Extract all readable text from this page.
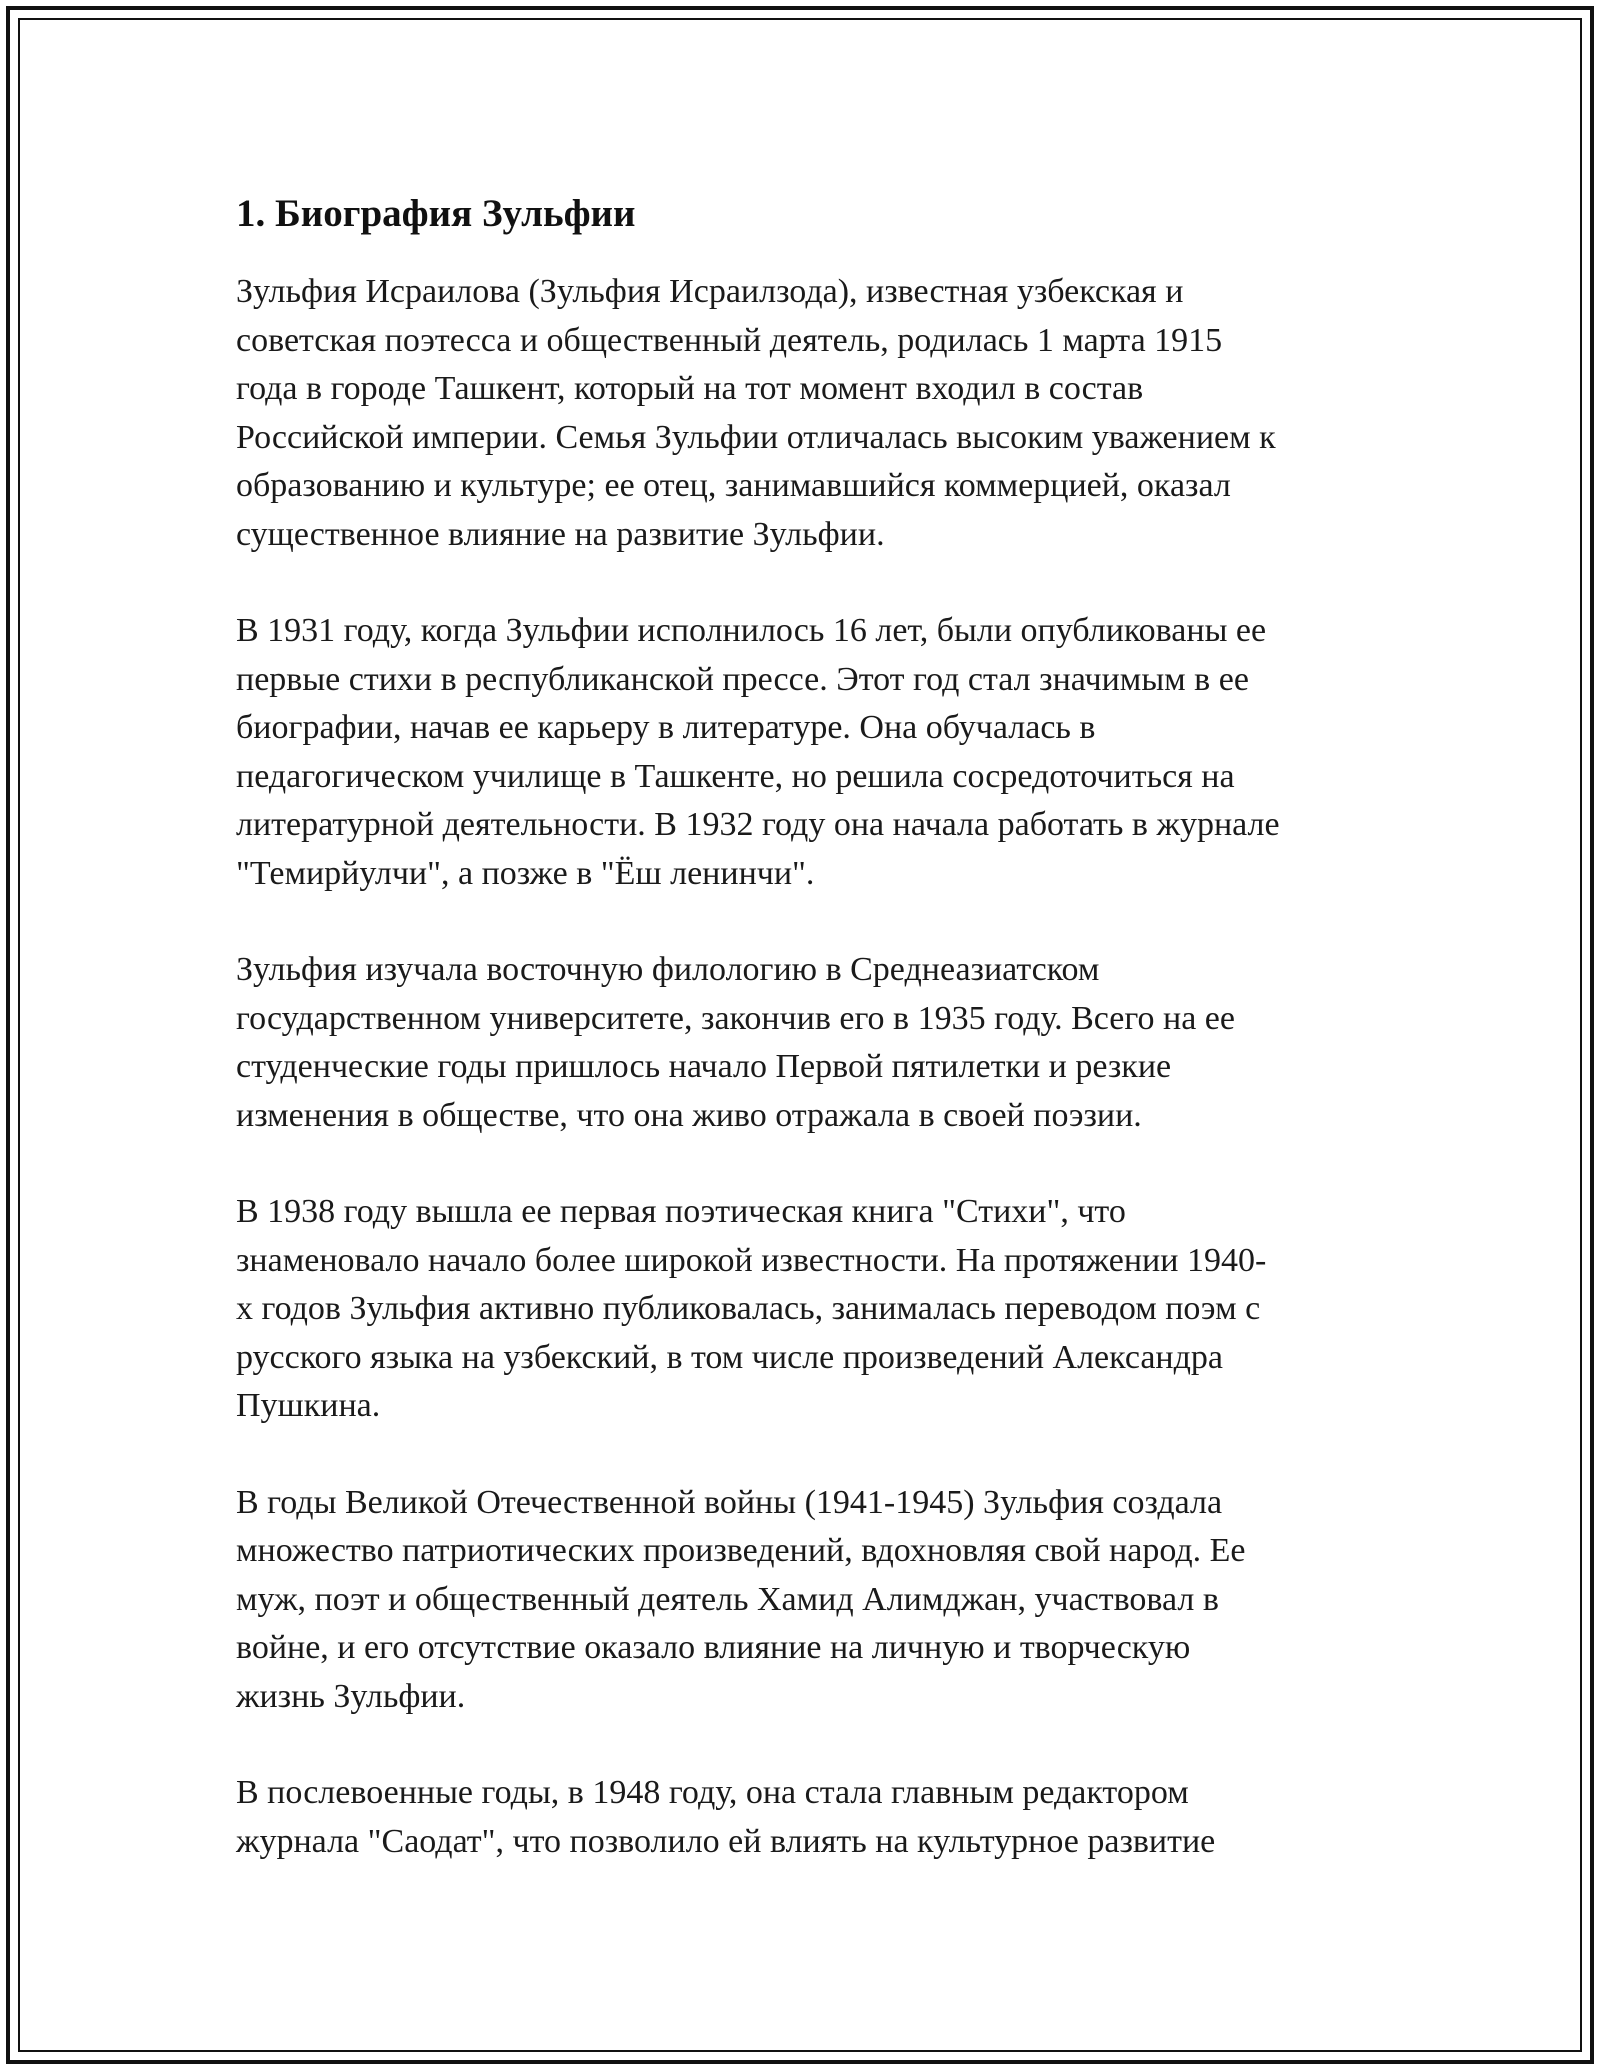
1. Биография Зульфии

Зульфия Исраилова (Зульфия Исраилзода), известная узбекская и
советская поэтесса и общественный деятель, родилась 1 марта 1915
года в городе Ташкент, который на тот момент входил в состав
Российской империи. Семья Зульфии отличалась высоким уважением к
образованию и культуре; ее отец, занимавшийся коммерцией, оказал
существенное влияние на развитие Зульфии.

В 1931 году, когда Зульфии исполнилось 16 лет, были опубликованы ее
первые стихи в республиканской прессе. Этот год стал значимым в ее
биографии, начав ее карьеру в литературе. Она обучалась в
педагогическом училище в Ташкенте, но решила сосредоточиться на
литературной деятельности. В 1932 году она начала работать в журнале
"Темирйулчи", а позже в "Ёш ленинчи".

Зульфия изучала восточную филологию в Среднеазиатском
государственном университете, закончив его в 1935 году. Всего на ее
студенческие годы пришлось начало Первой пятилетки и резкие
изменения в обществе, что она живо отражала в своей поэзии.

В 1938 году вышла ее первая поэтическая книга "Стихи", что
знаменовало начало более широкой известности. На протяжении 1940-
х годов Зульфия активно публиковалась, занималась переводом поэм с
русского языка на узбекский, в том числе произведений Александра
Пушкина.

В годы Великой Отечественной войны (1941-1945) Зульфия создала
множество патриотических произведений, вдохновляя свой народ. Ее
муж, поэт и общественный деятель Хамид Алимджан, участвовал в
войне, и его отсутствие оказало влияние на личную и творческую
жизнь Зульфии.

В послевоенные годы, в 1948 году, она стала главным редактором
журнала "Саодат", что позволило ей влиять на культурное развитие
